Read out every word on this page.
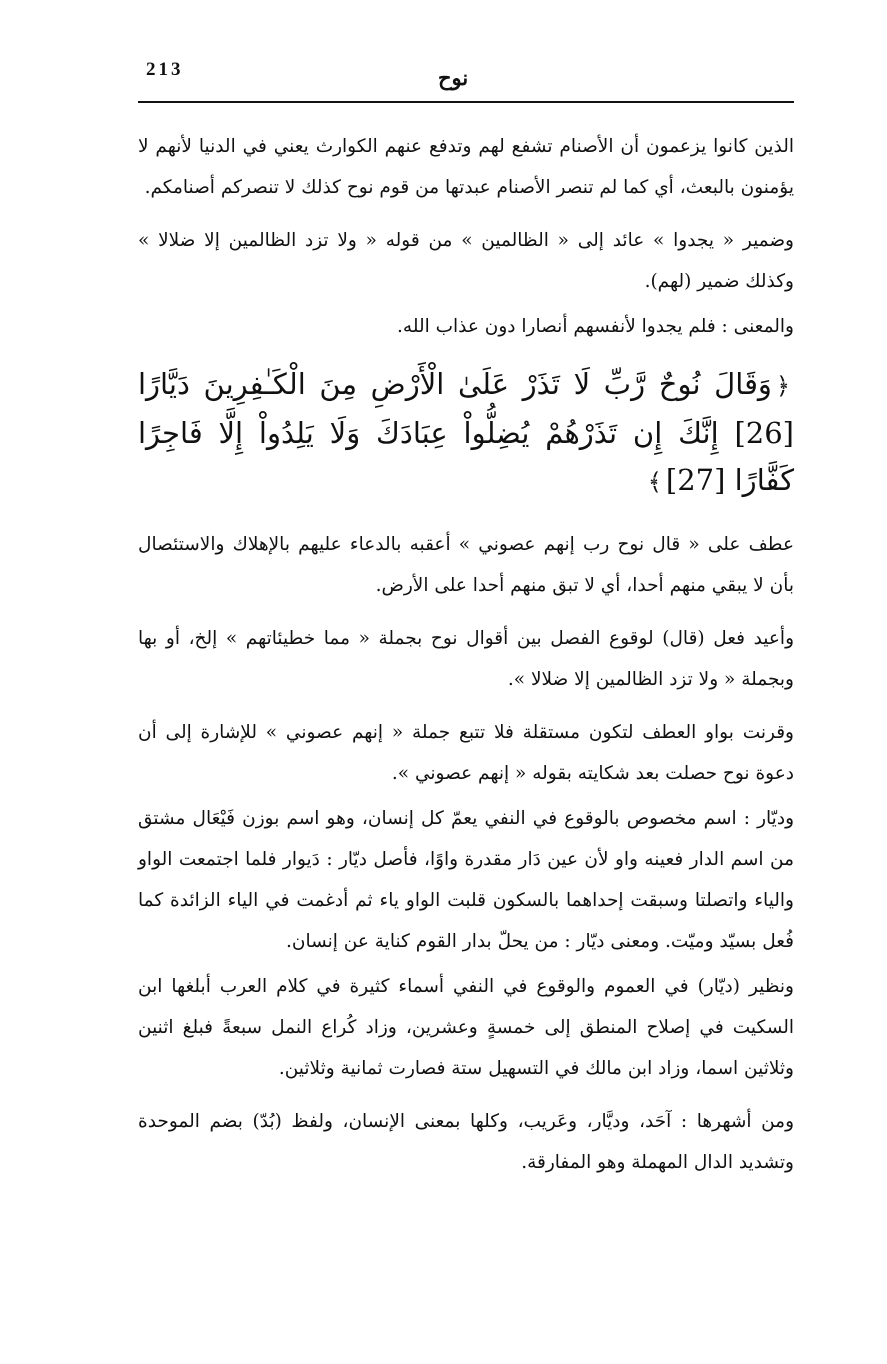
213	نوح

الذين كانوا يزعمون أن الأصنام تشفع لهم وتدفع عنهم الكوارث يعني في الدنيا لأنهم لا يؤمنون بالبعث، أي كما لم تنصر الأصنام عبدتها من قوم نوح كذلك لا تنصركم أصنامكم.

وضمير « يجدوا » عائد إلى « الظالمين » من قوله « ولا تزد الظالمين إلا ضلالا » وكذلك ضمير (لهم).

والمعنى : فلم يجدوا لأنفسهم أنصارا دون عذاب الله.

﴿وَقَالَ نُوحٌ رَّبِّ لَا تَذَرْ عَلَىٰ الْأَرْضِ مِنَ الْكَـٰفِرِينَ دَيَّارًا [26] إِنَّكَ إِن تَذَرْهُمْ يُضِلُّواْ عِبَادَكَ وَلَا يَلِدُواْ إِلَّا فَاجِرًا كَفَّارًا [27]﴾

عطف على « قال نوح رب إنهم عصوني » أعقبه بالدعاء عليهم بالإهلاك والاستئصال بأن لا يبقي منهم أحدا، أي لا تبق منهم أحدا على الأرض.

وأعيد فعل (قال) لوقوع الفصل بين أقوال نوح بجملة « مما خطيئاتهم » إلخ، أو بها وبجملة « ولا تزد الظالمين إلا ضلالا ».

وقرنت بواو العطف لتكون مستقلة فلا تتبع جملة « إنهم عصوني » للإشارة إلى أن دعوة نوح حصلت بعد شكايته بقوله « إنهم عصوني ».

وديّار : اسم مخصوص بالوقوع في النفي يعمّ كل إنسان، وهو اسم بوزن فَيْعَال مشتق من اسم الدار فعينه واو لأن عين دَار مقدرة واوًا، فأصل ديّار : دَيوار فلما اجتمعت الواو والياء واتصلتا وسبقت إحداهما بالسكون قلبت الواو ياء ثم أدغمت في الياء الزائدة كما فُعل بسيّد وميّت. ومعنى ديّار : من يحلّ بدار القوم كناية عن إنسان.

ونظير (ديّار) في العموم والوقوع في النفي أسماء كثيرة في كلام العرب أبلغها ابن السكيت في إصلاح المنطق إلى خمسةٍ وعشرين، وزاد كُراع النمل سبعةً فبلغ اثنين وثلاثين اسما، وزاد ابن مالك في التسهيل ستة فصارت ثمانية وثلاثين.

ومن أشهرها : آحَد، وديَّار، وعَريب، وكلها بمعنى الإنسان، ولفظ (بُدّ) بضم الموحدة وتشديد الدال المهملة وهو المفارقة.
